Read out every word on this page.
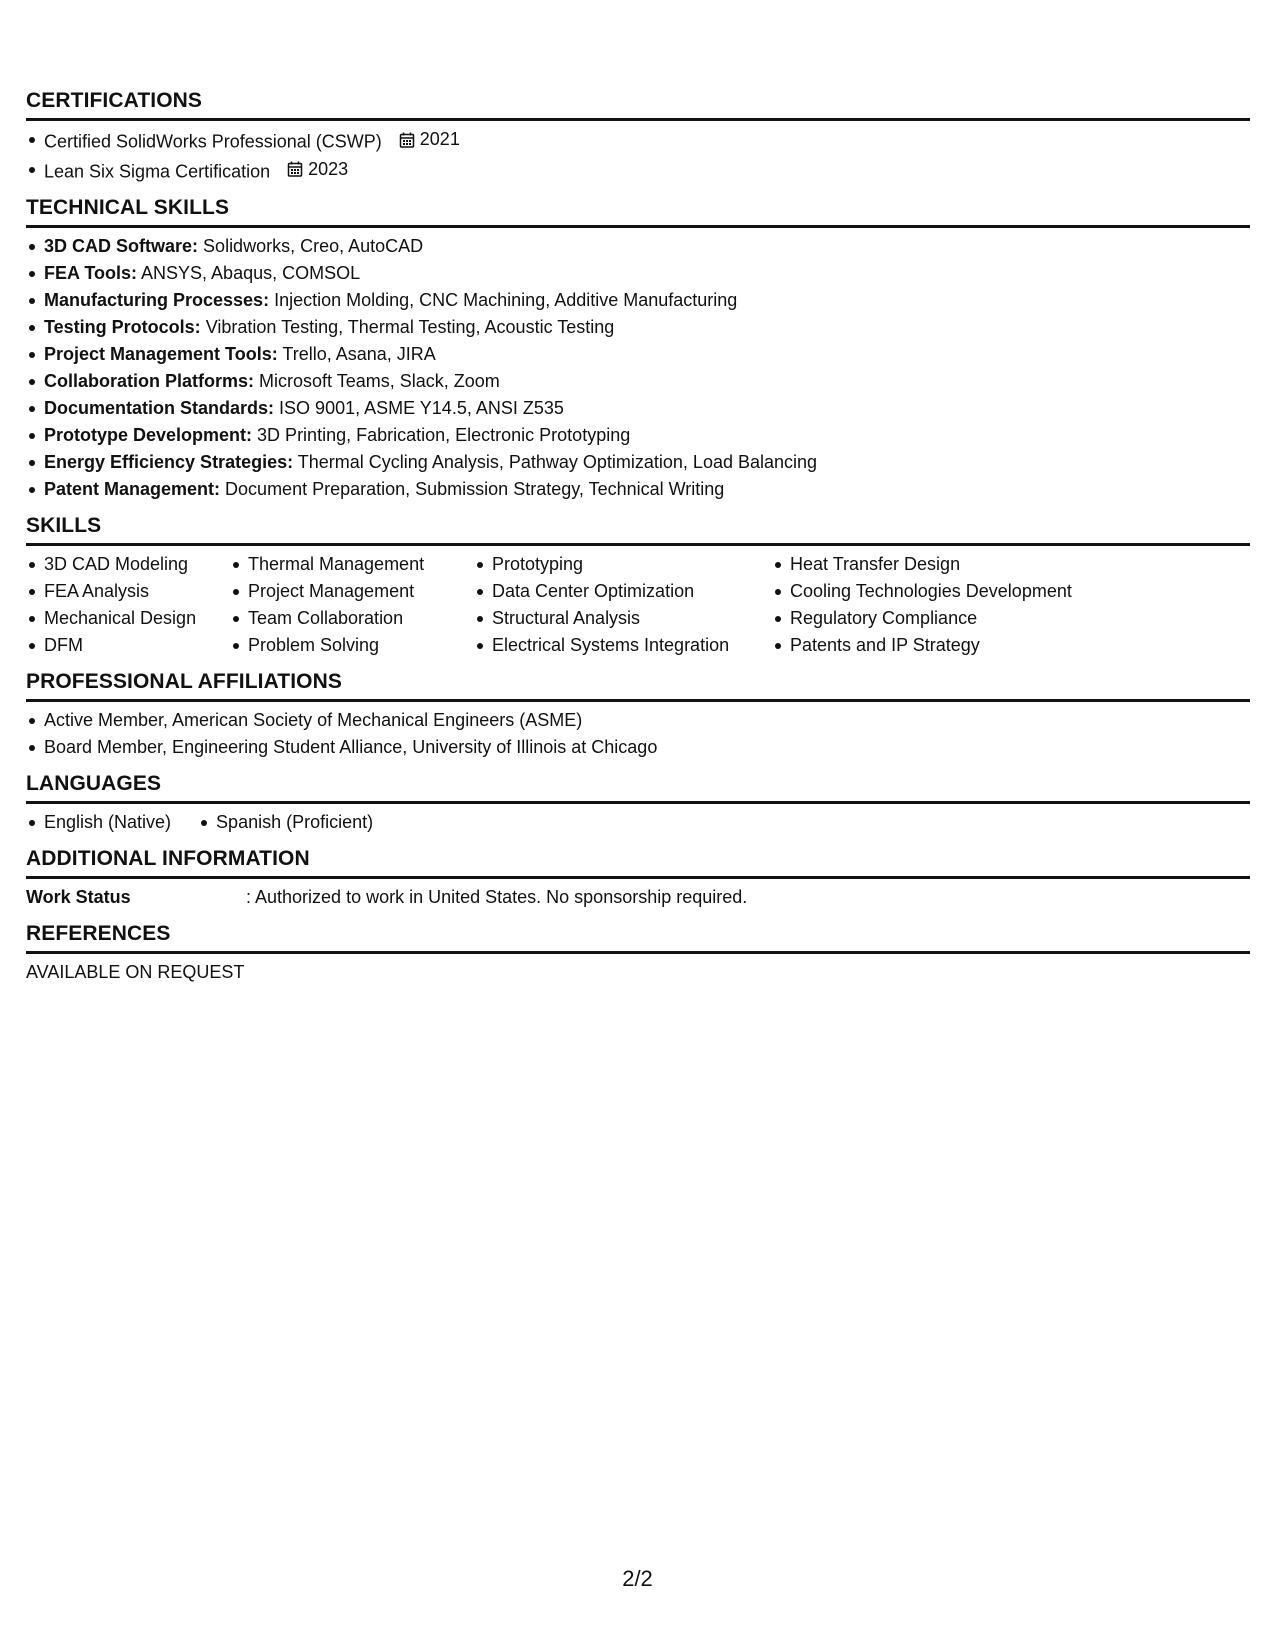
CERTIFICATIONS
Certified SolidWorks Professional (CSWP) 2021
Lean Six Sigma Certification 2023
TECHNICAL SKILLS
3D CAD Software: Solidworks, Creo, AutoCAD
FEA Tools: ANSYS, Abaqus, COMSOL
Manufacturing Processes: Injection Molding, CNC Machining, Additive Manufacturing
Testing Protocols: Vibration Testing, Thermal Testing, Acoustic Testing
Project Management Tools: Trello, Asana, JIRA
Collaboration Platforms: Microsoft Teams, Slack, Zoom
Documentation Standards: ISO 9001, ASME Y14.5, ANSI Z535
Prototype Development: 3D Printing, Fabrication, Electronic Prototyping
Energy Efficiency Strategies: Thermal Cycling Analysis, Pathway Optimization, Load Balancing
Patent Management: Document Preparation, Submission Strategy, Technical Writing
SKILLS
3D CAD Modeling
FEA Analysis
Mechanical Design
DFM
Thermal Management
Project Management
Team Collaboration
Problem Solving
Prototyping
Data Center Optimization
Structural Analysis
Electrical Systems Integration
Heat Transfer Design
Cooling Technologies Development
Regulatory Compliance
Patents and IP Strategy
PROFESSIONAL AFFILIATIONS
Active Member, American Society of Mechanical Engineers (ASME)
Board Member, Engineering Student Alliance, University of Illinois at Chicago
LANGUAGES
English (Native)	Spanish (Proficient)
ADDITIONAL INFORMATION
Work Status	: Authorized to work in United States. No sponsorship required.
REFERENCES
AVAILABLE ON REQUEST
2/2
